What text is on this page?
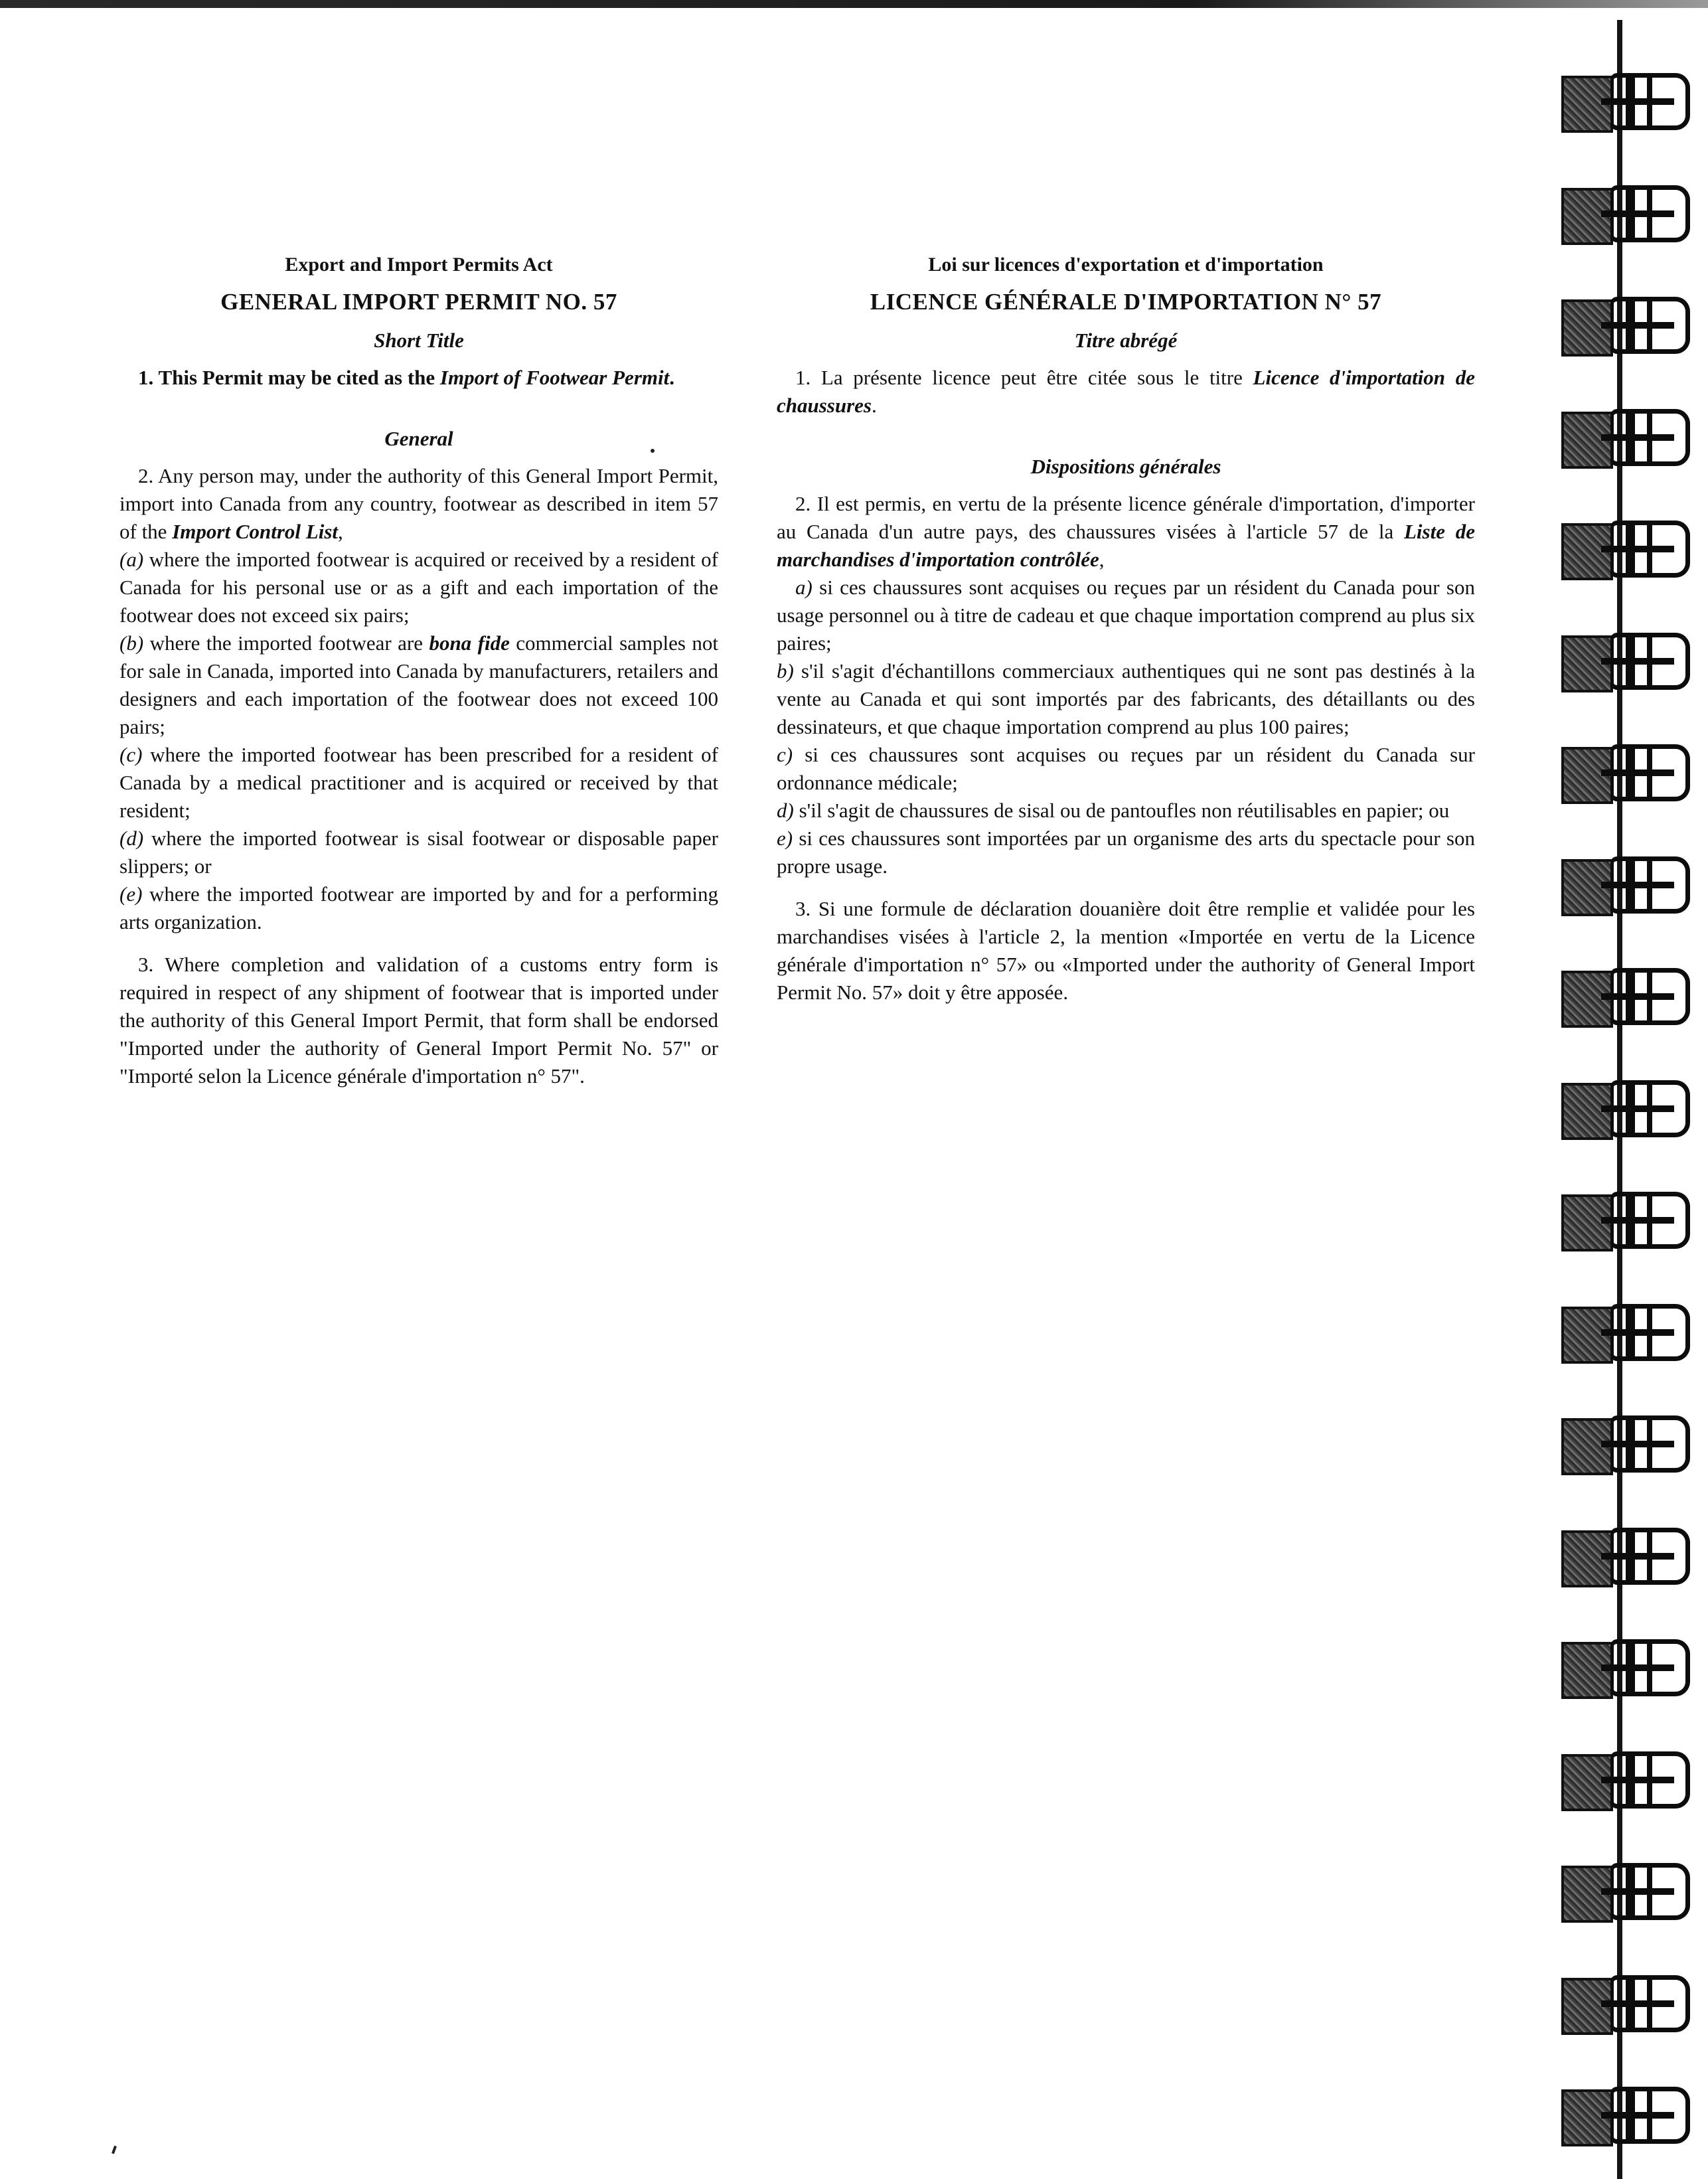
Export and Import Permits Act

GENERAL IMPORT PERMIT NO. 57

Short Title

1. This Permit may be cited as the Import of Footwear Permit.

General

2. Any person may, under the authority of this General Import Permit, import into Canada from any country, footwear as described in item 57 of the Import Control List,

(a) where the imported footwear is acquired or received by a resident of Canada for his personal use or as a gift and each importation of the footwear does not exceed six pairs;

(b) where the imported footwear are bona fide commercial samples not for sale in Canada, imported into Canada by manufacturers, retailers and designers and each importation of the footwear does not exceed 100 pairs;

(c) where the imported footwear has been prescribed for a resident of Canada by a medical practitioner and is acquired or received by that resident;

(d) where the imported footwear is sisal footwear or disposable paper slippers; or

(e) where the imported footwear are imported by and for a performing arts organization.

3. Where completion and validation of a customs entry form is required in respect of any shipment of footwear that is imported under the authority of this General Import Permit, that form shall be endorsed "Imported under the authority of General Import Permit No. 57" or "Importé selon la Licence générale d'importation n° 57".

Loi sur licences d'exportation et d'importation

LICENCE GÉNÉRALE D'IMPORTATION N° 57

Titre abrégé

1. La présente licence peut être citée sous le titre Licence d'importation de chaussures.

Dispositions générales

2. Il est permis, en vertu de la présente licence générale d'importation, d'importer au Canada d'un autre pays, des chaussures visées à l'article 57 de la Liste de marchandises d'importation contrôlée,

a) si ces chaussures sont acquises ou reçues par un résident du Canada pour son usage personnel ou à titre de cadeau et que chaque importation comprend au plus six paires;

b) s'il s'agit d'échantillons commerciaux authentiques qui ne sont pas destinés à la vente au Canada et qui sont importés par des fabricants, des détaillants ou des dessinateurs, et que chaque importation comprend au plus 100 paires;

c) si ces chaussures sont acquises ou reçues par un résident du Canada sur ordonnance médicale;

d) s'il s'agit de chaussures de sisal ou de pantoufles non réutilisables en papier; ou

e) si ces chaussures sont importées par un organisme des arts du spectacle pour son propre usage.

3. Si une formule de déclaration douanière doit être remplie et validée pour les marchandises visées à l'article 2, la mention «Importée en vertu de la Licence générale d'importation n° 57» ou «Imported under the authority of General Import Permit No. 57» doit y être apposée.
